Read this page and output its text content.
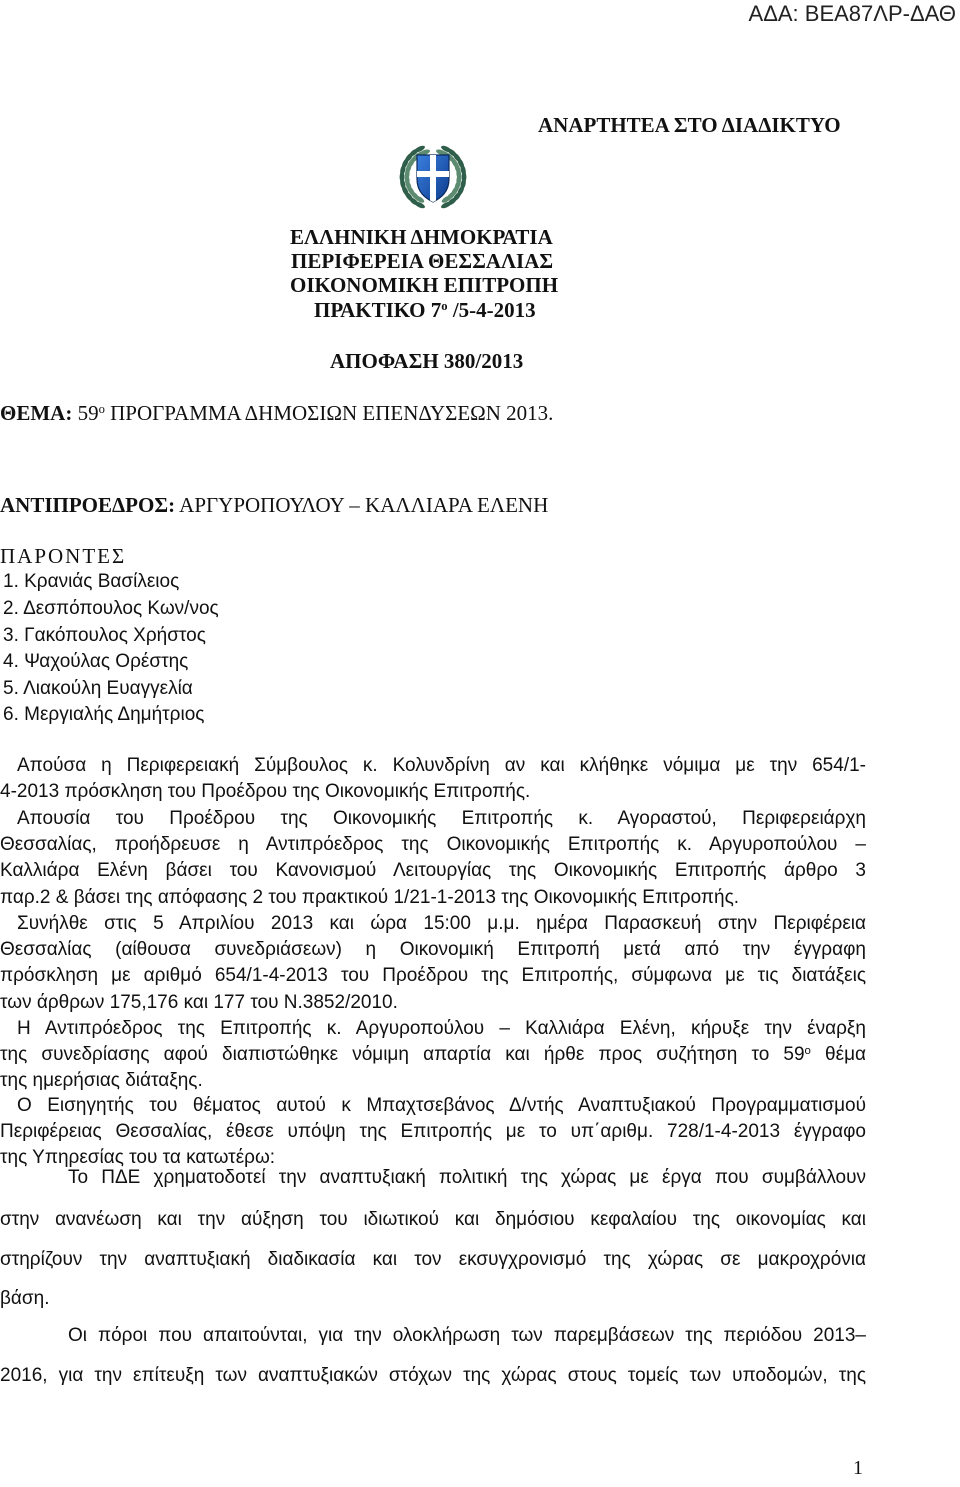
ΑΔΑ: ΒΕΑ87ΛΡ-ΔΑΘ
ΑΝΑΡΤΗΤΕΑ ΣΤΟ ΔΙΑΔΙΚΤΥΟ
ΕΛΛΗΝΙΚΗ ΔΗΜΟΚΡΑΤΙΑ
ΠΕΡΙΦΕΡΕΙΑ ΘΕΣΣΑΛΙΑΣ
ΟΙΚΟΝΟΜΙΚΗ ΕΠΙΤΡΟΠΗ
ΠΡΑΚΤΙΚΟ $7^o$ /5-4-2013
ΑΠΟΦΑΣΗ 380/2013
ΘΕΜΑ: $59^o$ ΠΡΟΓΡΑΜΜΑ ΔΗΜΟΣΙΩΝ ΕΠΕΝΔΥΣΕΩΝ 2013.
ΑΝΤΙΠΡΟΕΔΡΟΣ: ΑΡΓΥΡΟΠΟΥΛΟΥ – ΚΑΛΛΙΑΡΑ ΕΛΕΝΗ
ΠΑΡΟΝΤΕΣ
1. Κρανιάς Βασίλειος
2. Δεσπόπουλος Κων/νος
3. Γακόπουλος Χρήστος
4. Ψαχούλας Ορέστης
5. Λιακούλη Ευαγγελία
6. Μεργιαλής Δημήτριος
Απούσα η Περιφερειακή Σύμβουλος κ. Κολυνδρίνη αν και κλήθηκε νόμιμα με την 654/1-
4-2013 πρόσκληση του Προέδρου της Οικονομικής Επιτροπής.
Απουσία του Προέδρου της Οικονομικής Επιτροπής κ. Αγοραστού, Περιφερειάρχη
Θεσσαλίας, προήδρευσε η Αντιπρόεδρος της Οικονομικής Επιτροπής κ. Αργυροπούλου –
Καλλιάρα Ελένη βάσει του Κανονισμού Λειτουργίας της Οικονομικής Επιτροπής άρθρο 3
παρ.2 & βάσει της απόφασης 2 του πρακτικού 1/21-1-2013 της Οικονομικής Επιτροπής.
Συνήλθε στις 5 Απριλίου 2013 και ώρα 15:00 μ.μ. ημέρα Παρασκευή στην Περιφέρεια
Θεσσαλίας (αίθουσα συνεδριάσεων) η Οικονομική Επιτροπή μετά από την έγγραφη
πρόσκληση με αριθμό 654/1-4-2013 του Προέδρου της Επιτροπής, σύμφωνα με τις διατάξεις
των άρθρων 175,176 και 177 του Ν.3852/2010.
Η Αντιπρόεδρος της Επιτροπής κ. Αργυροπούλου – Καλλιάρα Ελένη, κήρυξε την έναρξη
της συνεδρίασης αφού διαπιστώθηκε νόμιμη απαρτία και ήρθε προς συζήτηση το $59^o$ θέμα
της ημερήσιας διάταξης.
Ο Εισηγητής του θέματος αυτού κ Μπαχτσεβάνος Δ/ντής Αναπτυξιακού Προγραμματισμού
Περιφέρειας Θεσσαλίας, έθεσε υπόψη της Επιτροπής με το υπ΄αριθμ. 728/1-4-2013 έγγραφο
της Υπηρεσίας του τα κατωτέρω:
Το ΠΔΕ χρηματοδοτεί την αναπτυξιακή πολιτική της χώρας με έργα που συμβάλλουν
στην ανανέωση και την αύξηση του ιδιωτικού και δημόσιου κεφαλαίου της οικονομίας και
στηρίζουν την αναπτυξιακή διαδικασία και τον εκσυγχρονισμό της χώρας σε μακροχρόνια
βάση.
Οι πόροι που απαιτούνται, για την ολοκλήρωση των παρεμβάσεων της περιόδου 2013–
2016, για την επίτευξη των αναπτυξιακών στόχων της χώρας στους τομείς των υποδομών, της
1
